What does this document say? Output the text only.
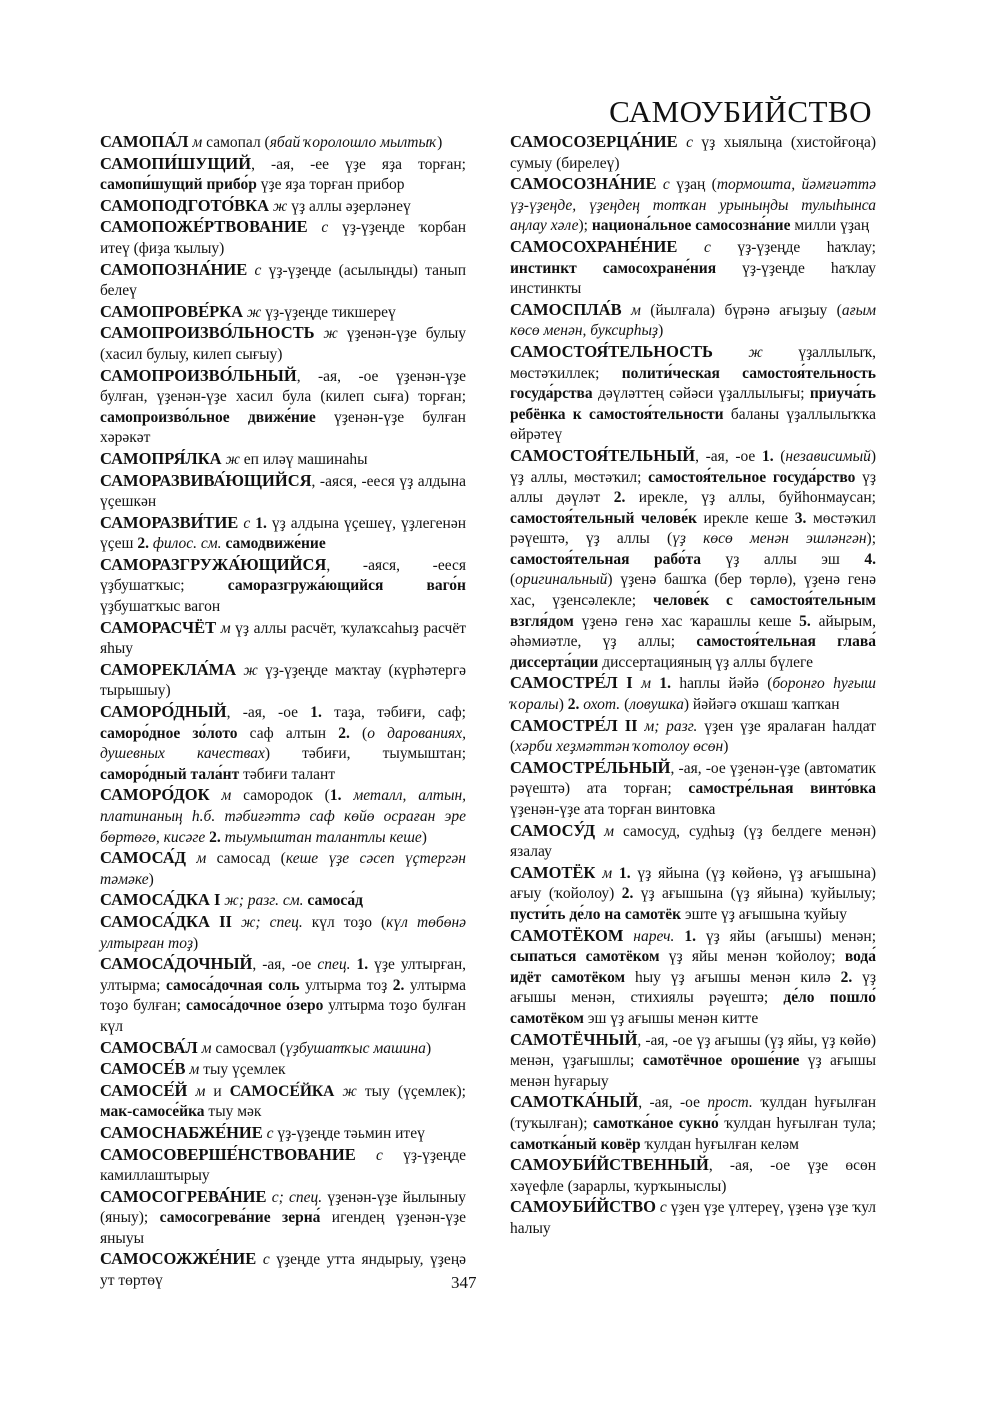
САМОУБИЙСТВО

САМОПА́Л м самопал (ябай ҡоролошло мылтыҡ)

САМОПИ́ШУЩИЙ, -ая, -ее үҙе яҙа торған; самопи́шущий прибо́р үҙе яҙа торған прибор

САМОПОДГОТО́ВКА ж үҙ аллы әҙерләнеү

САМОПОЖЕ́РТВОВАНИЕ с үҙ-үҙеңде ҡорбан итеү (фиҙа ҡылыу)

САМОПОЗНА́НИЕ с үҙ-үҙеңде (асылыңды) танып белеү

САМОПРОВЕ́РКА ж үҙ-үҙеңде тикшереү

САМОПРОИЗВО́ЛЬНОСТЬ ж үҙенән-үҙе булыу (хасил булыу, килеп сығыу)

САМОПРОИЗВО́ЛЬНЫЙ, -ая, -ое үҙенән-үҙе булған, үҙенән-үҙе хасил була (килеп сыға) торған; самопроизво́льное движе́ние үҙенән-үҙе булған хәрәкәт

САМОПРЯ́ЛКА ж еп иләү машинаһы

САМОРАЗВИВА́ЮЩИЙСЯ, -аяся, -ееся үҙ алдына үҫешкән

САМОРАЗВИ́ТИЕ с 1. үҙ алдына үҫешеү, үҙлегенән үҫеш 2. филос. см. самодвиже́ние

САМОРАЗГРУЖА́ЮЩИЙСЯ, -аяся, -ееся үҙбушатҡыс; саморазгружа́ющийся ваго́н үҙбушатҡыс вагон

САМОРАСЧЁТ м үҙ аллы расчёт, ҡулаҡсаһыҙ расчёт яһыу

САМОРЕКЛА́МА ж үҙ-үҙеңде маҡтау (күрһәтергә тырышыу)

САМОРО́ДНЫЙ, -ая, -ое 1. таҙа, тәбиғи, саф; саморо́дное зо́лото саф алтын 2. (о дарованиях, душевных качествах) тәбиғи, тыумыштан; саморо́дный тала́нт тәбиғи талант

САМОРО́ДОК м самородок (1. металл, алтын, платинаның һ.б. тәбиғәттә саф көйө осраған эре бөртөгө, кисәге 2. тыумыштан талантлы кеше)

САМОСА́Д м самосад (кеше үҙе сәсеп үҫтергән тәмәке)

САМОСА́ДКА I ж; разг. см. самоса́д

САМОСА́ДКА II ж; спец. күл тоҙо (күл төбөнә ултырған тоҙ)

САМОСА́ДОЧНЫЙ, -ая, -ое спец. 1. үҙе ултырған, ултырма; самоса́дочная соль ултырма тоҙ 2. ултырма тоҙо булған; самоса́дочное о́зеро ултырма тоҙо булған күл

САМОСВА́Л м самосвал (үҙбушатҡыс машина)

САМОСЕ́В м тыу үҫемлек

САМОСЕ́Й м и САМОСЕ́ЙКА ж тыу (үҫемлек); мак-самосе́йка тыу мәк

САМОСНАБЖЕ́НИЕ с үҙ-үҙеңде тәьмин итеү

САМОСОВЕРШЕ́НСТВОВАНИЕ с үҙ-үҙеңде камиллаштырыу

САМОСОГРЕВА́НИЕ с; спец. үҙенән-үҙе йылыныу (яныу); самосогрева́ние зерна́ игендең үҙенән-үҙе яныуы

САМОСОЖЖЕ́НИЕ с үҙеңде утта яндырыу, үҙеңә ут төртөү

САМОСОЗЕРЦА́НИЕ с үҙ хыялыңа (хистойғоңа) сумыу (бирелеү)

САМОСОЗНА́НИЕ с үҙаң (тормошта, йәмғиәттә үҙ-үҙеңде, үҙеңдең тотҡан урыныңды тулыһынса аңлау хәле); национа́льное самосозна́ние милли үҙаң

САМОСОХРАНЕ́НИЕ с үҙ-үҙеңде һаҡлау; инстинкт самосохране́ния үҙ-үҙеңде һаҡлау инстинкты

САМОСПЛА́В м (йылғала) бүрәнә ағыҙыу (ағым көсө менән, буксирһыҙ)

САМОСТОЯ́ТЕЛЬНОСТЬ ж үҙаллылыҡ, мөстәҡиллек; полити́ческая самостоя́тельность госуда́рства дәүләттең сәйәси үҙаллылығы; приуча́ть ребёнка к самостоя́тельности баланы үҙаллылыҡҡа өйрәтеү

САМОСТОЯ́ТЕЛЬНЫЙ, -ая, -ое 1. (независимый) үҙ аллы, мөстәҡил; самостоя́тельное госуда́рство үҙ аллы дәүләт 2. ирекле, үҙ аллы, буйһонмаусан; самостоя́тельный челове́к ирекле кеше 3. мөстәҡил рәүештә, үҙ аллы (үҙ көсө менән эшләнгән); самостоя́тельная рабо́та үҙ аллы эш 4. (оригинальный) үҙенә башҡа (бер төрлө), үҙенә генә хас, үҙенсәлекле; челове́к с самостоя́тельным взгля́дом үҙенә генә хас ҡарашлы кеше 5. айырым, әһәмиәтле, үҙ аллы; самостоя́тельная глава́ диссерта́ции диссертацияның үҙ аллы бүлеге

САМОСТРЕ́Л I м 1. һаплы йәйә (боронғо һуғыш ҡоралы) 2. охот. (ловушка) йәйәгә оҡшаш ҡапҡан

САМОСТРЕ́Л II м; разг. үҙен үҙе яралаған һалдат (хәрби хеҙмәттән ҡотолоу өсөн)

САМОСТРЕ́ЛЬНЫЙ, -ая, -ое үҙенән-үҙе (автоматик рәүештә) ата торған; самостре́льная винто́вка үҙенән-үҙе ата торған винтовка

САМОСУ́Д м самосуд, судһыҙ (үҙ белдеге менән) язалау

САМОТЁК м 1. үҙ яйына (үҙ көйөнә, үҙ ағышына) ағыу (ҡойолоу) 2. үҙ ағышына (үҙ яйына) ҡуйылыу; пусти́ть де́ло на самотёк эште үҙ ағышына ҡуйыу

САМОТЁКОМ нареч. 1. үҙ яйы (ағышы) менән; сыпаться самотёком үҙ яйы менән ҡойолоу; вода́ идёт самотёком һыу үҙ ағышы менән килә 2. үҙ ағышы менән, стихиялы рәүештә; де́ло пошло́ самотёком эш үҙ ағышы менән китте

САМОТЁЧНЫЙ, -ая, -ое үҙ ағышы (үҙ яйы, үҙ көйө) менән, үҙағышлы; самотёчное ороше́ние үҙ ағышы менән һуғарыу

САМОТКА́НЫЙ, -ая, -ое прост. ҡулдан һуғылған (туҡылған); самотка́ное сукно́ ҡулдан һуғылған тула; самотка́ный ковёр ҡулдан һуғылған келәм

САМОУБИ́ЙСТВЕННЫЙ, -ая, -ое үҙе өсөн хәүефле (зарарлы, ҡурҡыныслы)

САМОУБИ́ЙСТВО с үҙен үҙе үлтереү, үҙенә үҙе ҡул һалыу

347
